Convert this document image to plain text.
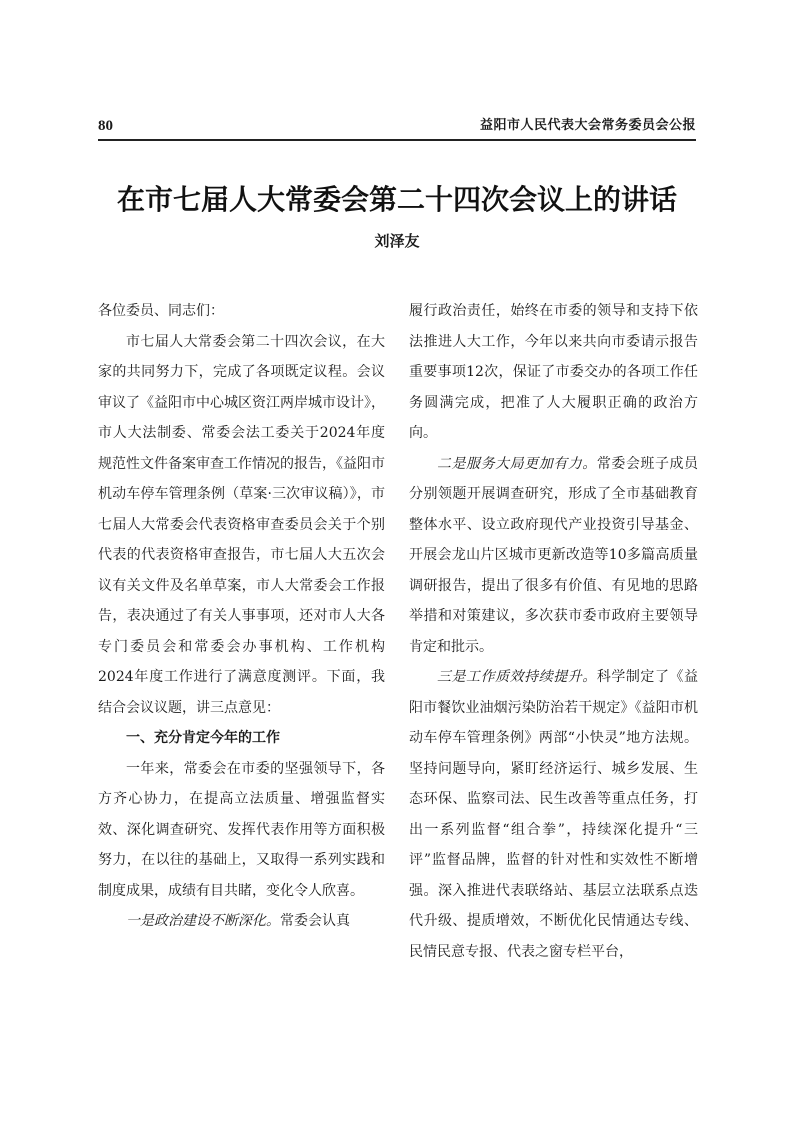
80	益阳市人民代表大会常务委员会公报
在市七届人大常委会第二十四次会议上的讲话

刘泽友

各位委员、同志们：

市七届人大常委会第二十四次会议，在大家的共同努力下，完成了各项既定议程。会议审议了《益阳市中心城区资江两岸城市设计》，市人大法制委、常委会法工委关于2024年度规范性文件备案审查工作情况的报告，《益阳市机动车停车管理条例（草案·三次审议稿）》，市七届人大常委会代表资格审查委员会关于个别代表的代表资格审查报告，市七届人大五次会议有关文件及名单草案，市人大常委会工作报告，表决通过了有关人事事项，还对市人大各专门委员会和常委会办事机构、工作机构2024年度工作进行了满意度测评。下面，我结合会议议题，讲三点意见：

一、充分肯定今年的工作

一年来，常委会在市委的坚强领导下，各方齐心协力，在提高立法质量、增强监督实效、深化调查研究、发挥代表作用等方面积极努力，在以往的基础上，又取得一系列实践和制度成果，成绩有目共睹，变化令人欣喜。

一是政治建设不断深化。常委会认真

履行政治责任，始终在市委的领导和支持下依法推进人大工作，今年以来共向市委请示报告重要事项12次，保证了市委交办的各项工作任务圆满完成，把准了人大履职正确的政治方向。

二是服务大局更加有力。常委会班子成员分别领题开展调查研究，形成了全市基础教育整体水平、设立政府现代产业投资引导基金、开展会龙山片区城市更新改造等10多篇高质量调研报告，提出了很多有价值、有见地的思路举措和对策建议，多次获市委市政府主要领导肯定和批示。

三是工作质效持续提升。科学制定了《益阳市餐饮业油烟污染防治若干规定》《益阳市机动车停车管理条例》两部“小快灵”地方法规。坚持问题导向，紧盯经济运行、城乡发展、生态环保、监察司法、民生改善等重点任务，打出一系列监督“组合拳”，持续深化提升“三评”监督品牌，监督的针对性和实效性不断增强。深入推进代表联络站、基层立法联系点迭代升级、提质增效，不断优化民情通达专线、民情民意专报、代表之窗专栏平台，
